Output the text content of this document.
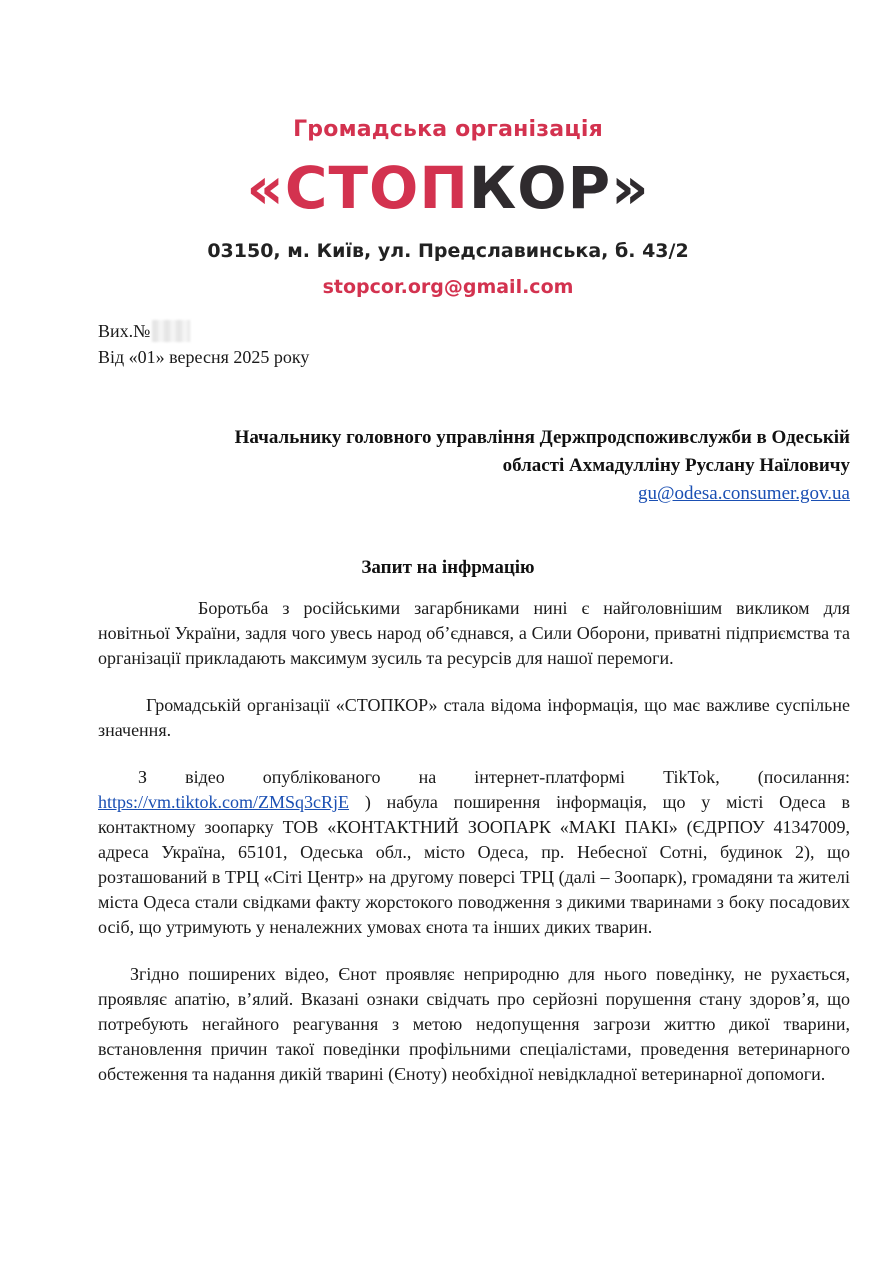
Громадська організація
«СТОПКОР»
03150, м. Київ, ул. Предславинська, б. 43/2
stopcor.org@gmail.com
Вих.№
Від «01» вересня 2025 року
Начальнику головного управління Держпродспоживслужби в Одеській
області Ахмадулліну Руслану Наїловичу
gu@odesa.consumer.gov.ua
Запит на інфрмацію

Боротьба з російськими загарбниками нині є найголовнішим викликом для новітньої України, задля чого увесь народ об’єднався, а Сили Оборони, приватні підприємства та організації прикладають максимум зусиль та ресурсів для нашої перемоги.

Громадській організації «СТОПКОР» стала відома інформація, що має важливе суспільне значення.

З відео опублікованого на інтернет-платформі TikTok, (посилання: https://vm.tiktok.com/ZMSq3cRjE ) набула поширення інформація, що у місті Одеса в контактному зоопарку ТОВ «КОНТАКТНИЙ ЗООПАРК «МАКІ ПАКІ» (ЄДРПОУ 41347009, адреса Україна, 65101, Одеська обл., місто Одеса, пр. Небесної Сотні, будинок 2), що розташований в ТРЦ «Сіті Центр» на другому поверсі ТРЦ (далі – Зоопарк), громадяни та жителі міста Одеса стали свідками факту жорстокого поводження з дикими тваринами з боку посадових осіб, що утримують у неналежних умовах єнота та інших диких тварин.

Згідно поширених відео, Єнот проявляє неприродню для нього поведінку, не рухається, проявляє апатію, в’ялий. Вказані ознаки свідчать про серйозні порушення стану здоров’я, що потребують негайного реагування з метою недопущення загрози життю дикої тварини, встановлення причин такої поведінки профільними спеціалістами, проведення ветеринарного обстеження та надання дикій тварині (Єноту) необхідної невідкладної ветеринарної допомоги.
